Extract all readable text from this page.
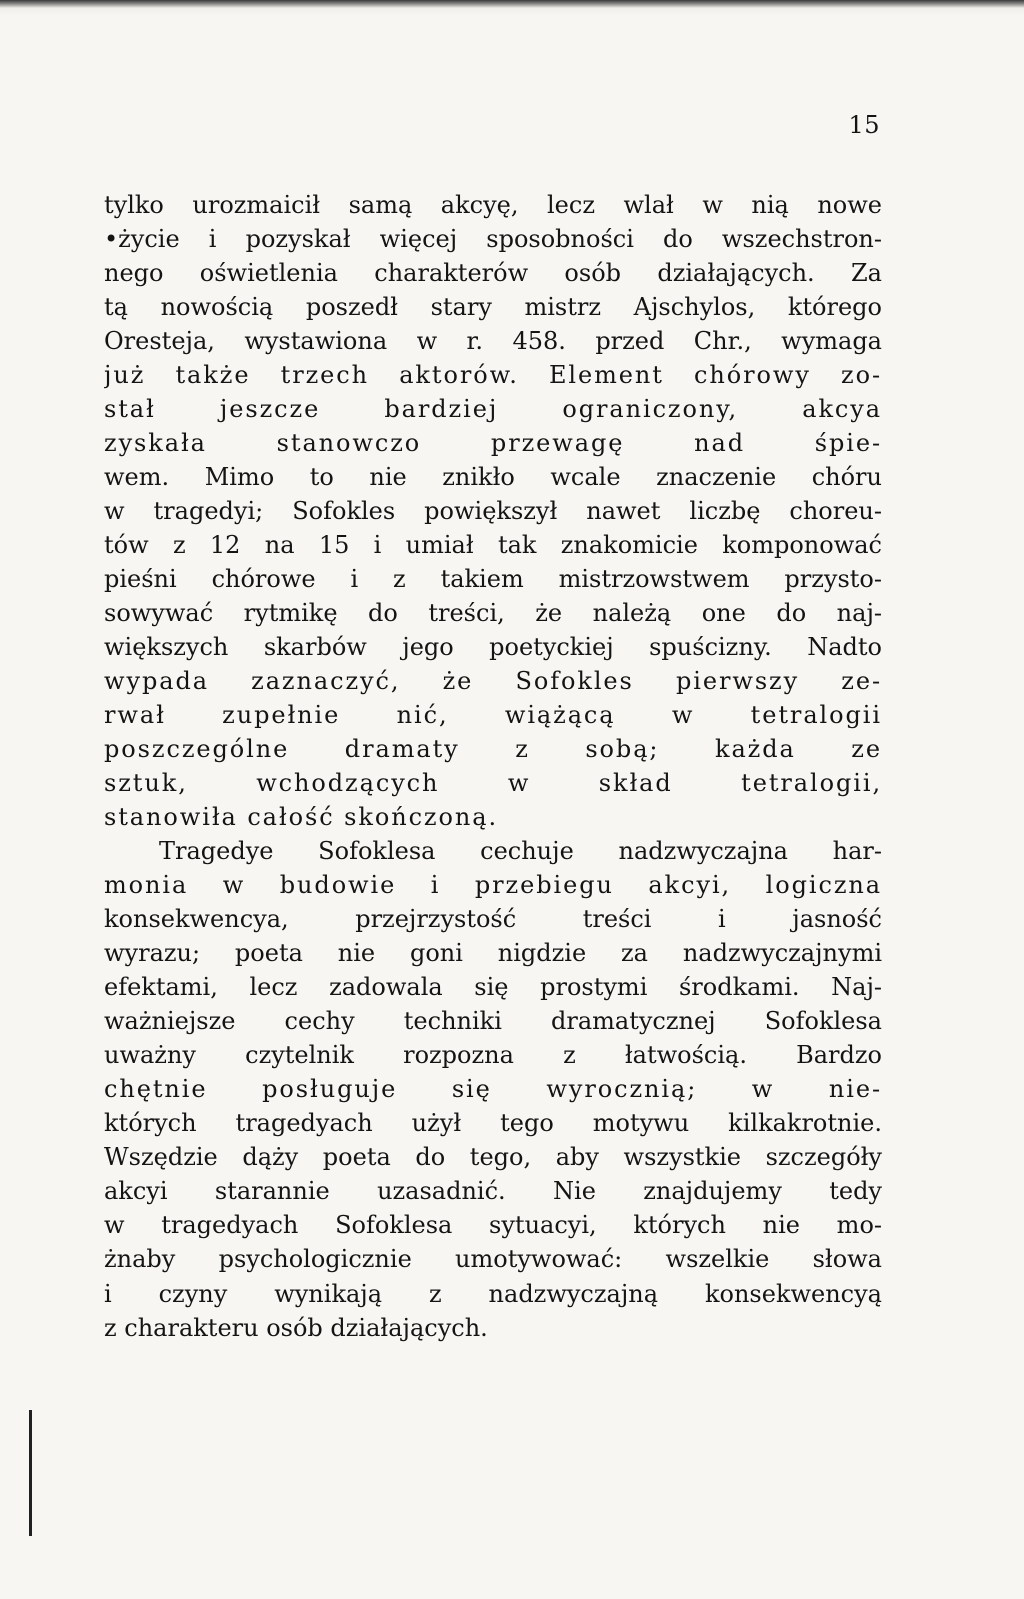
15
tylko urozmaicił samą akcyę, lecz wlał w nią nowe
•życie i pozyskał więcej sposobności do wszechstron-
nego oświetlenia charakterów osób działających. Za
tą nowością poszedł stary mistrz Ajschylos, którego
Oresteja, wystawiona w r. 458. przed Chr., wymaga
już także trzech aktorów. Element chórowy zo-
stał jeszcze bardziej ograniczony, akcya
zyskała stanowczo przewagę nad śpie-
wem. Mimo to nie znikło wcale znaczenie chóru
w tragedyi; Sofokles powiększył nawet liczbę choreu-
tów z 12 na 15 i umiał tak znakomicie komponować
pieśni chórowe i z takiem mistrzowstwem przysto-
sowywać rytmikę do treści, że należą one do naj-
większych skarbów jego poetyckiej spuścizny. Nadto
wypada zaznaczyć, że Sofokles pierwszy ze-
rwał zupełnie nić, wiążącą w tetralogii
poszczególne dramaty z sobą; każda ze
sztuk, wchodzących w skład tetralogii,
stanowiła całość skończoną.
Tragedye Sofoklesa cechuje nadzwyczajna har-
monia w budowie i przebiegu akcyi, logiczna
konsekwencya, przejrzystość treści i jasność
wyrazu; poeta nie goni nigdzie za nadzwyczajnymi
efektami, lecz zadowala się prostymi środkami. Naj-
ważniejsze cechy techniki dramatycznej Sofoklesa
uważny czytelnik rozpozna z łatwością. Bardzo
chętnie posługuje się wyrocznią; w nie-
których tragedyach użył tego motywu kilkakrotnie.
Wszędzie dąży poeta do tego, aby wszystkie szczegóły
akcyi starannie uzasadnić. Nie znajdujemy tedy
w tragedyach Sofoklesa sytuacyi, których nie mo-
żnaby psychologicznie umotywować: wszelkie słowa
i czyny wynikają z nadzwyczajną konsekwencyą
z charakteru osób działających.
